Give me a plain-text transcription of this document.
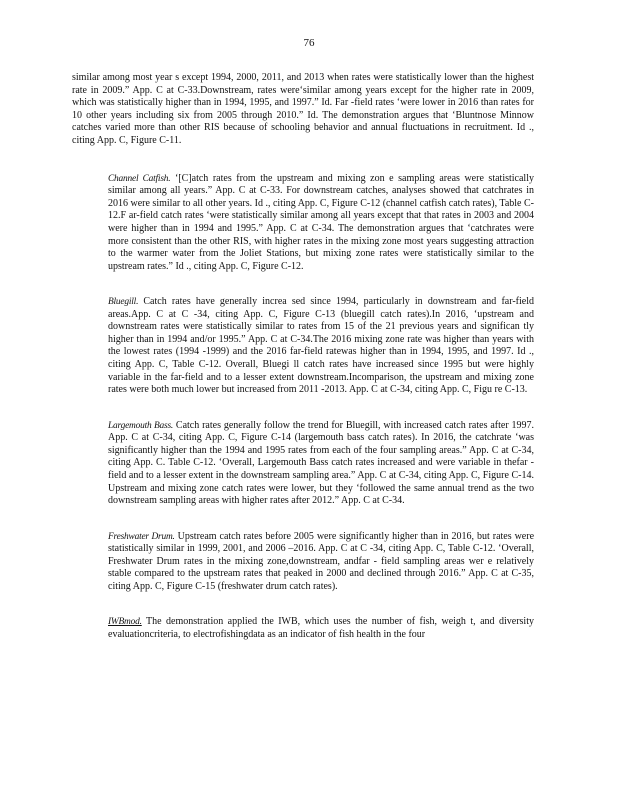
76

similar among most year s except 1994, 2000, 2011, and 2013 when rates were statistically lower than the highest rate in 2009.” App. C at C-33.Downstream, rates were‘similar among years except for the higher rate in 2009, which was statistically higher than in 1994, 1995, and 1997.” Id. Far -field rates ‘were lower in 2016 than rates for 10 other years including six from 2005 through 2010.” Id. The demonstration argues that ‘Bluntnose Minnow catches varied more than other RIS because of schooling behavior and annual fluctuations in recruitment. Id ., citing App. C, Figure C-11.

Channel Catfish. ‘[C]atch rates from the upstream and mixing zon e sampling areas were statistically similar among all years.” App. C at C-33. For downstream catches, analyses showed that catchrates in 2016 were similar to all other years. Id ., citing App. C, Figure C-12 (channel catfish catch rates), Table C-12.F ar-field catch rates ‘were statistically similar among all years except that that rates in 2003 and 2004 were higher than in 1994 and 1995.” App. C at C-34. The demonstration argues that ‘catchrates were more consistent than the other RIS, with higher rates in the mixing zone most years suggesting attraction to the warmer water from the Joliet Stations, but mixing zone rates were statistically similar to the upstream rates.” Id ., citing App. C, Figure C-12.

Bluegill. Catch rates have generally increa sed since 1994, particularly in downstream and far-field areas.App. C at C -34, citing App. C, Figure C-13 (bluegill catch rates).In 2016, ‘upstream and downstream rates were statistically similar to rates from 15 of the 21 previous years and significan tly higher than in 1994 and/or 1995.” App. C at C-34.The 2016 mixing zone rate was higher than years with the lowest rates (1994 -1999) and the 2016 far-field ratewas higher than in 1994, 1995, and 1997. Id ., citing App. C, Table C-12. Overall, Bluegi ll catch rates have increased since 1995 but were highly variable in the far-field and to a lesser extent downstream.Incomparison, the upstream and mixing zone rates were both much lower but increased from 2011 -2013. App. C at C-34, citing App. C, Figu re C-13.

Largemouth Bass. Catch rates generally follow the trend for Bluegill, with increased catch rates after 1997. App. C at C-34, citing App. C, Figure C-14 (largemouth bass catch rates). In 2016, the catchrate ‘was significantly higher than the 1994 and 1995 rates from each of the four sampling areas.” App. C at C-34, citing App. C. Table C-12. ‘Overall, Largemouth Bass catch rates increased and were variable in thefar - field and to a lesser extent in the downstream sampling area.” App. C at C-34, citing App. C, Figure C-14. Upstream and mixing zone catch rates were lower, but they ‘followed the same annual trend as the two downstream sampling areas with higher rates after 2012.” App. C at C-34.

Freshwater Drum. Upstream catch rates before 2005 were significantly higher than in 2016, but rates were statistically similar in 1999, 2001, and 2006 –2016. App. C at C -34, citing App. C, Table C-12. ‘Overall, Freshwater Drum rates in the mixing zone,downstream, andfar - field sampling areas wer e relatively stable compared to the upstream rates that peaked in 2000 and declined through 2016.” App. C at C-35, citing App. C, Figure C-15 (freshwater drum catch rates).

IWBmod. The demonstration applied the IWB, which uses the number of fish, weigh t, and diversity evaluationcriteria, to electrofishingdata as an indicator of fish health in the four
